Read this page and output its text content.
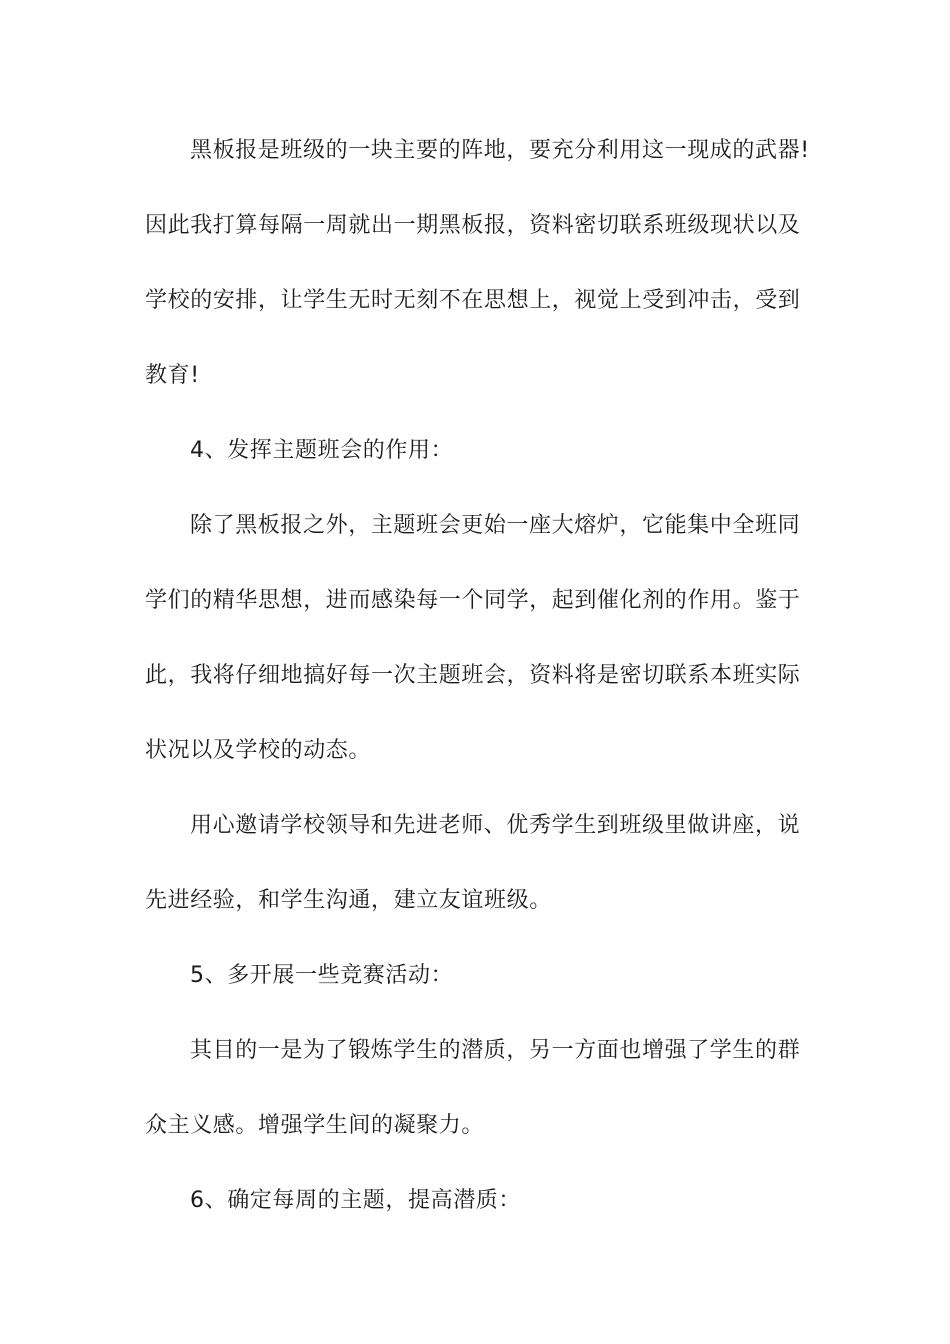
黑板报是班级的一块主要的阵地，要充分利用这一现成的武器!
因此我打算每隔一周就出一期黑板报，资料密切联系班级现状以及
学校的安排，让学生无时无刻不在思想上，视觉上受到冲击，受到
教育!
4、发挥主题班会的作用：
除了黑板报之外，主题班会更始一座大熔炉，它能集中全班同
学们的精华思想，进而感染每一个同学，起到催化剂的作用。鉴于
此，我将仔细地搞好每一次主题班会，资料将是密切联系本班实际
状况以及学校的动态。
用心邀请学校领导和先进老师、优秀学生到班级里做讲座，说
先进经验，和学生沟通，建立友谊班级。
5、多开展一些竞赛活动：
其目的一是为了锻炼学生的潜质，另一方面也增强了学生的群
众主义感。增强学生间的凝聚力。
6、确定每周的主题，提高潜质：
